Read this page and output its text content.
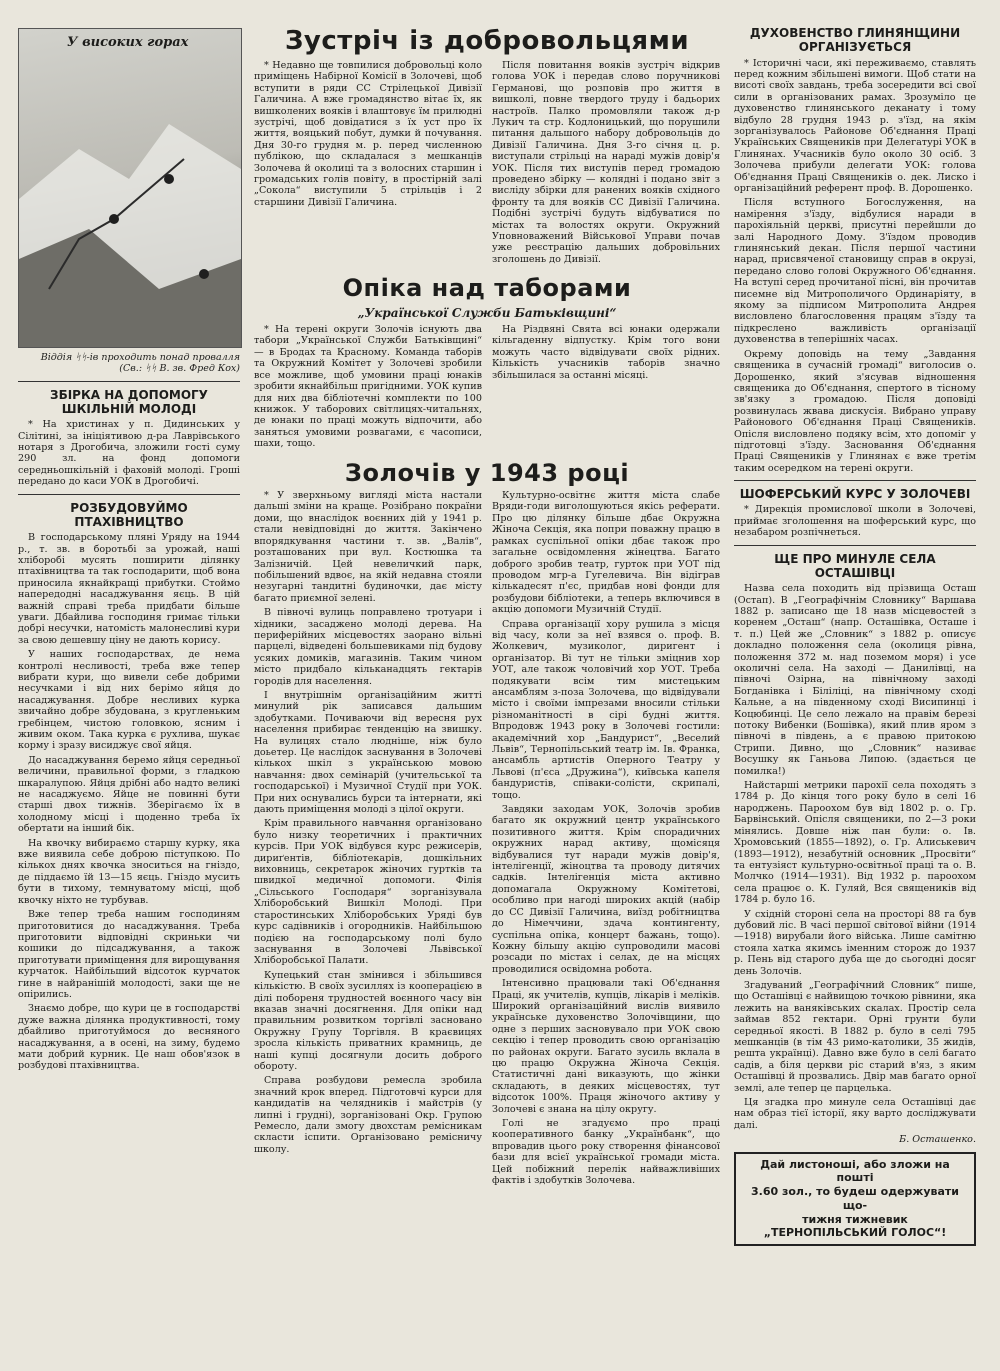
У високих горах
Віддія ᛋᛋ-ів проходить понад провалля (Св.: ᛋᛋ В. зв. Фред Кох)
ЗБІРКА НА ДОПОМОГУ ШКІЛЬНІЙ МОЛОДІ

* На христинах у п. Дидинських у Сілітині, за ініціятивою д-ра Лаврівського нотаря з Дрогобича, зложили гості суму 290 зл. на фонд допомоги середньошкільній і фаховій молоді. Гроші передано до каси УОК в Дрогобичі.

РОЗБУДОВУЙМО ПТАХІВНИЦТВО

В господарському пляні Уряду на 1944 р., т. зв. в боротьбі за урожай, наші хліборобі мусять поширити ділянку птахівництва та так господарити, щоб вона приносила якнайкращі прибутки. Стоймо напередодні насаджування яєць. В цій важній справі треба придбати більше уваги. Дбайлива господиня гримає тільки добрі несучки, натомість малонесливі кури за свою дешевшу ціну не дають корису.

У наших господарствах, де нема контролі несливості, треба вже тепер вибрати кури, що вивели себе добрими несучками і від них берімо яйця до насаджування. Добре несливих курка звичайно добре збудована, з кругленьким гребінцем, чистою головкою, ясним і живим оком. Така курка є рухлива, шукає корму і зразу висиджує свої яйця.

До насаджування беремо яйця середньої величини, правильної форми, з гладкою шкаралупою. Яйця дрібні або надто великі не насаджуємо. Яйце не повинні бути старші двох тижнів. Зберігаємо їх в холодному місці і щоденно треба їх обертати на інший бік.

На квочку вибираємо старшу курку, яка вже виявила себе доброю піступкою. По кількох днях квочка зноситься на гніздо, де піддаємо їй 13—15 яєць. Гніздо мусить бути в тихому, темнуватому місці, щоб квочку ніхто не турбував.

Вже тепер треба нашим господиням приготовитися до насаджування. Треба приготовити відповідні скриньки чи кошики до підсаджування, а також приготувати приміщення для вирощування курчаток. Найбільший відсоток курчаток гине в найранішій молодості, заки ще не опірились.

Знаємо добре, що кури це в господарстві дуже важна ділянка продуктивності, тому дбайливо приготуймося до весняного насаджування, а в осені, на зиму, будемо мати добрий курник. Це наш обов'язок в розбудові птахівництва.

Зустріч із добровольцями

* Недавно ще товпилися добровольці коло приміщень Набірної Комісії в Золочеві, щоб вступити в ряди СС Стрілецької Дивізії Галичина. А вже громадянство вітає їх, як вишколених вояків і влаштовує їм прилюдні зустрічі, щоб довідатися з їх уст про їх життя, вояцький побут, думки й почування. Дня 30-го грудня м. р. перед численною публікою, що складалася з мешканців Золочева й околиці та з волосних старшин і громадських голів повіту, в простірній залі „Сокола“ виступили 5 стрільців і 2 старшини Дивізії Галичина.

Після повитання вояків зустріч відкрив голова УОК і передав слово поручникові Германові, що розповів про життя в вишколі, повне твердого труду і бадьорих настроїв. Палко промовляли також д-р Лукич та стр. Кодлоницький, що порушили питання дальшого набору добровольців до Дивізії Галичина. Дня 3-го січня ц. р. виступали стрільці на нараді мужів довір'я УОК. Після тих виступів перед громадою проведено збірку — колядні і подано звіт з висліду збірки для ранених вояків східного фронту та для вояків СС Дивізії Галичина. Подібні зустрічі будуть відбуватися по містах та волостях округи. Окружний Уповноважений Військової Управи почав уже реєстрацію дальших добровільних зголошень до Дивізії.

Опіка над таборами
„Української Служби Батьківщині“

* На терені округи Золочів існують два табори „Української Служби Батьківщині“ — в Бродах та Красному. Команда таборів та Окружний Комітет у Золочеві зробили все можливе, щоб умовини праці юнаків зробити якнайбільш пригідними. УОК купив для них два бібліотечні комплекти по 100 книжок. У таборових світлицях-читальнях, де юнаки по праці можуть відпочити, або заняться умовими розвагами, є часописи, шахи, тощо.

На Різдвяні Свята всі юнаки одержали кільгаденну відпустку. Крім того вони можуть часто відвідувати своїх рідних. Кількість учасників таборів значно збільшилася за останні місяці.

Золочів у 1943 році

* У зверхньому вигляді міста настали дальші зміни на краще. Розібрано покраїни доми, що внаслідок воєнних дій у 1941 р. стали невідповідні до життя. Закінчено впорядкування частини т. зв. „Валів“, розташованих при вул. Костюшка та Залізничій. Цей невеличкий парк, побільшений вдвоє, на якій недавна стояли незугарні тандитні будиночки, дає місту багато приємної зелені.

В півночі вулиць поправлено тротуари і хідники, засаджено молоді дерева. На периферійних місцевостях заорано вільні парцелі, відведені большевиками під будову усяких домиків, магазинів. Таким чином місто придбало кільканадцять гектарів городів для населення.

І внутрішнім організаційним житті минулий рік записався дальшим здобутками. Почиваючи від вересня рух населення прибирає тенденцію на звишку. На вулицях стало людніше, ніж було доьетер. Це наслідок заснування в Золочеві кількох шкіл з українською мовою навчання: двох семінарій (учительської та господарської) і Музичної Студії при УОК. При них оснувались бурси та інтернати, які дають приміщення молоді з цілої округи.

Крім правильного навчання організовано було низку теоретичних і практичних курсів. При УОК відбувся курс режисерів, дириґентів, бібліотекарів, дошкільних виховниць, секретарок жіночих гуртків та швидкої медичної допомоги. Філія „Сільського Господаря“ зорганізувала Хліборобський Вишкіл Молоді. При старостинських Хліборобських Уряді був курс садівників і огородників. Найбільшою подією на господарському полі було заснування в Золочеві Львівської Хліборобської Палати.

Купецький стан змінився і збільшився кількістю. В своїх зусиллях із кооперацією в ділі побореня трудностей воєнного часу він вказав значні досягнення. Для опіки над правильним розвитком торгівлі засновано Окружну Групу Торгівля. В краєвицях зросла кількість приватних крамниць, де наші купці досягнули досить доброго обороту.

Справа розбудови ремесла зробила значний крок вперед. Підготовчі курси для кандидатів на челядників і майстрів (у липні і грудні), зорганізовані Окр. Групою Ремесло, дали змогу двохстам ремісникам скласти іспити. Організовано ремісничу школу.

Культурно-освітнє життя міста слабе Вряди-годи виголошуються якісь реферати. Про цю ділянку більше дбає Окружна Жіноча Секція, яка попри поважну працю в рамках суспільної опіки дбає також про загальне освідомлення жінецтва. Багато доброго зробив театр, гурток при УОТ під проводом мгр-а Гугелевича. Він відіграв кількадесят п'єс, придбав нові фонди для розбудови бібліотеки, а теперь включився в акцію допомоги Музичній Студії.

Справа організації хору рушила з місця від часу, коли за неї взявся о. проф. В. Жолкевич, музиколог, диригент і організатор. Ві тут не тільки зміцнив хор УОТ, але також чоловічий хор УОТ. Треба подякувати всім тим мистецьким ансамблям з-поза Золочева, що відвідували місто і своїми імпрезами вносили стільки різноманітності в сірі будні життя. Впродовж 1943 року в Золочеві гостили: академічний хор „Бандурист“, „Веселий Львів“, Тернопільський театр ім. Ів. Франка, ансамбль артистів Оперного Театру у Львові (п'єса „Дружина“), київська капеля бандуристів, співаки-солісти, скрипалі, тощо.

Завдяки заходам УОК, Золочів зробив багато як окружний центр українського позитивного життя. Крім спорадичних окружних нарад активу, щомісяця відбувалися тут наради мужів довір'я, інтелігенції, жіноцтва та проводу дитячих садків. Інтелігенція міста активно допомагала Окружному Комітетові, особливо при нагоді широких акцій (набір до СС Дивізії Галичина, виїзд робітництва до Німеччини, здача контингенту, суспільна опіка, концерт бажань, тощо). Кожну більшу акцію супроводили масові розсади по містах і селах, де на місцях проводилися освідомна робота.

Інтенсивно працювали такі Об'єднання Праці, як учителів, купців, лікарів і меліків. Широкий організаційний вислів виявило українське духовенство Золочівщини, що одне з перших засновувало при УОК свою секцію і тепер проводить свою організацію по районах округи. Багато зусиль вклала в цю працю Окружна Жіноча Секція. Статистичні дані виказують, що жінки складають, в деяких місцевостях, тут відсоток 100%. Праця жіночого активу у Золочеві є знана на цілу округу.

Голі не згадуємо про праці кооперативного банку „Українбанк“, що впровадив цього року створення фінансової бази для всієї української громади міста. Цей побіжний перелік найважливіших фактів і здобутків Золочева.

ДУХОВЕНСТВО ГЛИНЯНЩИНИ ОРГАНІЗУЄТЬСЯ

* Історичні часи, які переживаємо, ставлять перед кожним збільшені вимоги. Щоб стати на висоті своїх завдань, треба зосередити всі свої сили в організованих рамах. Зрозуміло це духовенство глинянського деканату і тому відбуло 28 грудня 1943 р. з'їзд, на якім зорганізувалось Районове Об'єднання Праці Українських Священиків при Делегатурі УОК в Глинянах. Учасників було около 30 осіб. З Золочева прибули делегати УОК: голова Об'єднання Праці Священиків о. дек. Лиско і організаційний референт проф. В. Дорошенко.

Після вступного Богослуження, на намірення з'їзду, відбулися наради в парохіяльній церкві, присутні перейшли до залі Народного Дому. З'їздом проводив глинянський декан. Після першої частини нарад, присвяченої становищу справ в окрузі, передано слово голові Окружного Об'єднання. На вступі серед прочитаної пісні, він прочитав писемне від Митрополичого Ординаріяту, в якому за підписом Митрополита Андрея висловлено благословення працям з'їзду та підкреслено важливість організації духовенства в теперішніх часах.

Окрему доповідь на тему „Завдання священика в сучасній громаді“ виголосив о. Дорошенко, який з'ясував відношення священика до Об'єднання, спертого в тісному зв'язку з громадою. Після доповіді розвинулась жвава дискусія. Вибрано управу Районового Об'єднання Праці Священиків. Опісля висловлено подяку всім, хто допоміг у підготовці з'їзду. Засновання Об'єднання Праці Священиків у Глинянах є вже третім таким осередком на терені округи.

ШОФЕРСЬКИЙ КУРС У ЗОЛОЧЕВІ

* Дирекція промислової школи в Золочеві, приймає зголошення на шоферський курс, що незабаром розпічнеться.

ЩЕ ПРО МИНУЛЕ СЕЛА ОСТАШІВЦІ

Назва села походить від прізвища Осташ (Остап). В „Географічнім Словнику“ Варшава 1882 р. записано ще 18 назв місцевостей з коренем „Осташ“ (напр. Осташівка, Осташе і т. п.) Цей же „Словник“ з 1882 р. описує докладно положення села (околиця рівна, положення 372 м. над поземом моря) і усе околичні села. На заході — Данилівці, на півночі Озірна, на північному заході Богданівка і Біліліці, на північному сході Кальне, а на південному сході Висипинці і Коцюбинці. Це село лежало на правім березі потоку Вибенки (Бошівка), який плив яром з півночі в південь, а є правою притокою Стрипи. Дивно, що „Словник“ називає Восушку як Ганьова Липою. (здається це помилка!)

Найстарші метрики парохії села походять з 1784 р. До кінця того року було в селі 16 народжень. Пароохом був від 1802 р. о. Гр. Барвінський. Опісля священики, по 2—3 роки мінялись. Довше ніж пан були: о. Ів. Хромовський (1855—1892), о. Гр. Алиськевич (1893—1912), незабутній основник „Просвіти“ та ентузіяст культурно-освітньої праці та о. В. Молчко (1914—1931). Від 1932 р. пароохом села працює о. К. Гуляй, Вся священиків від 1784 р. було 16.

У східній стороні села на просторі 88 га був дубовий ліс. В часі першої світової війни (1914—1918) вирубали його війська. Лише самітню стояла хатка якимсь іменним сторож до 1937 р. Пень від старого дуба ще до сьогодні досяг день Золочів.

Згадуваний „Географічний Словник“ пише, що Осташівці є найвищою точкою рівнини, яка лежить на ваняківських скалах. Простір села займав 852 гектари. Орні грунти були середньої якості. В 1882 р. було в селі 795 мешканців (в тім 43 римо-католики, 35 жидів, решта українці). Давно вже було в селі багато садів, а біля церкви ріс старий в'яз, з яким Осташівці й прозвались. Двір мав багато орної землі, але тепер це парцелька.

Ця згадка про минуле села Осташівці дає нам образ тієї історії, яку варто досліджувати далі.

Б. Осташенко.
Дай листоноші, або зложи на пошті
3.60 зол., то будеш одержувати що-
тижня тижневик
„ТЕРНОПІЛЬСЬКИЙ ГОЛОС“!
